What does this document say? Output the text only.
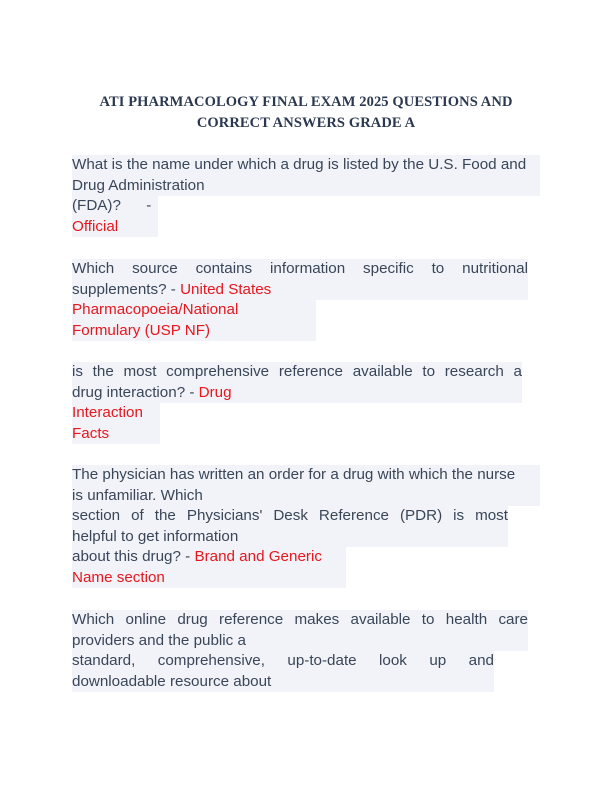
ATI PHARMACOLOGY FINAL EXAM 2025 QUESTIONS AND
CORRECT ANSWERS GRADE A
What is the name under which a drug is listed by the U.S. Food and
Drug Administration
(FDA)?      -
Official
Which source contains information specific to nutritional
supplements? - United States
Pharmacopoeia/National
Formulary (USP NF)
is the most comprehensive reference available to research a
drug interaction? - Drug
Interaction
Facts
The physician has written an order for a drug with which the nurse
is unfamiliar. Which
section of the Physicians' Desk Reference (PDR) is most
helpful to get information
about this drug? - Brand and Generic
Name section
Which online drug reference makes available to health care
providers and the public a
standard, comprehensive, up-to-date look up and
downloadable resource about
